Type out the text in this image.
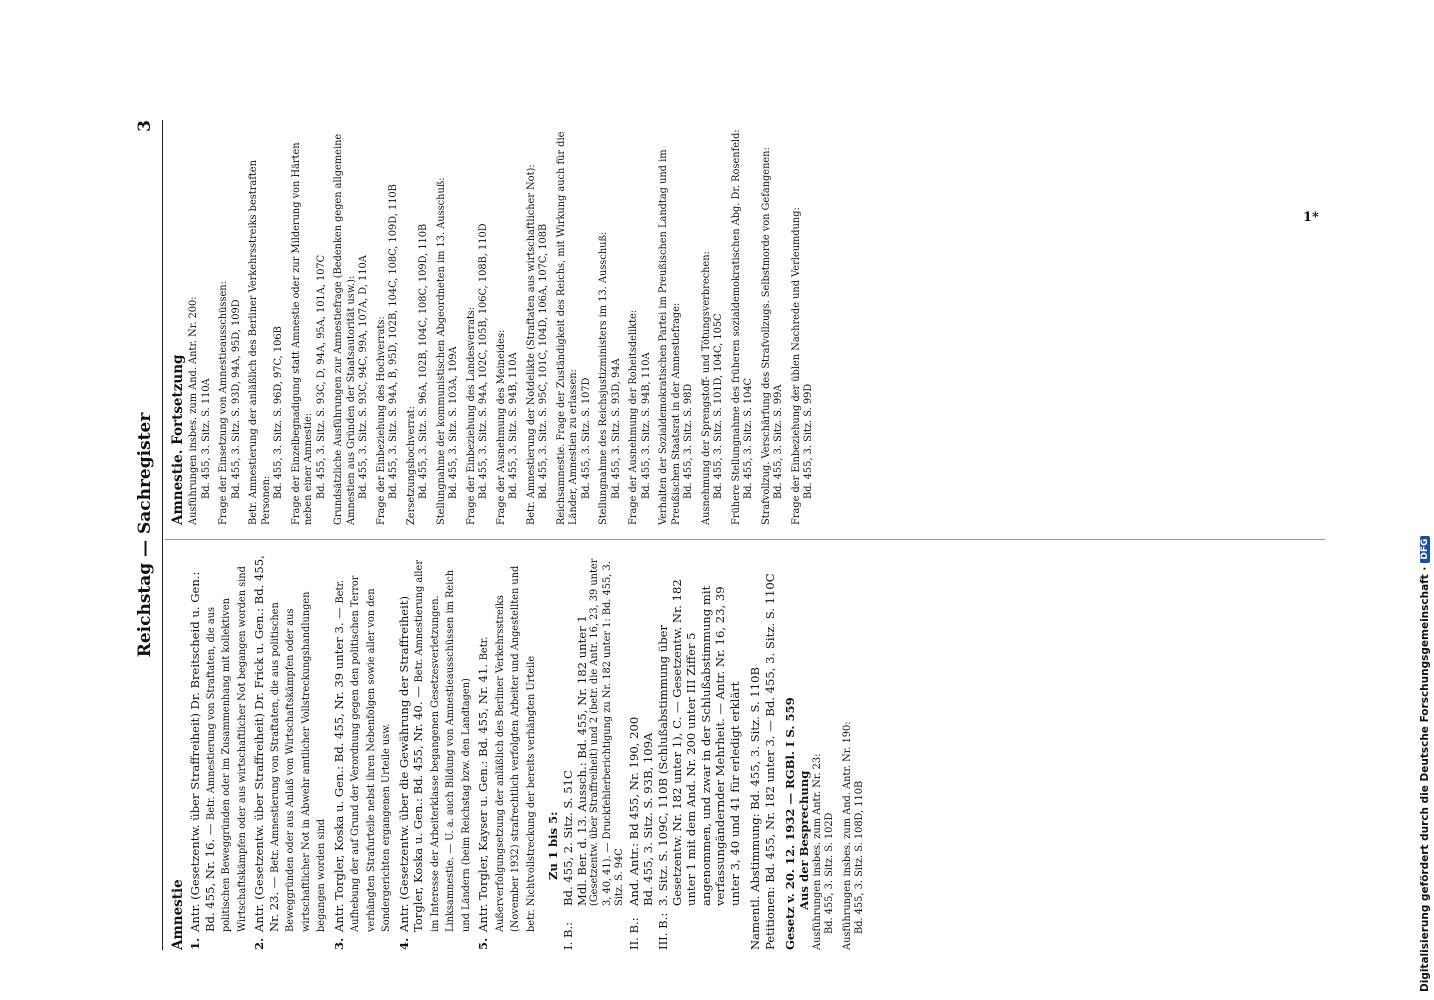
Reichstag — Sachregister
3
Amnestie 1.
Antr. (Gesetzentw. über Straffreiheit) Dr. Breitscheid u. Gen.: Bd. 455, Nr. 16. — Betr. Amnestierung von Straftaten, die aus politischen Beweggründen oder im Zusammenhang mit kollektiven Wirtschaftskämpfen oder aus wirtschaftlicher Not begangen worden sind
2.
Antr. (Gesetzentw. über Straffreiheit) Dr. Frick u. Gen.: Bd. 455, Nr. 23. — Betr. Amnestierung von Straftaten, die aus politischen Beweggründen oder aus Anlaß von Wirtschaftskämpfen oder aus wirtschaftlicher Not in Abwehr amtlicher Vollstreckungshandlungen begangen worden sind
3.
Antr. Torgler, Koska u. Gen.: Bd. 455, Nr. 39 unter 3. — Betr. Aufhebung der auf Grund der Verordnung gegen den politischen Terror verhängten Strafurteile nebst ihren Nebenfolgen sowie aller von den Sondergerichten ergangenen Urteile usw.
4.
Antr. (Gesetzentw. über die Gewährung der Straffreiheit) Torgler, Koska u. Gen.: Bd. 455, Nr. 40. — Betr. Amnestierung aller im Interesse der Arbeiterklasse begangenen Gesetzesverletzungen. Linksamnestie. — U. a. auch Bildung von Amnestieausschüssen im Reich und Ländern (beim Reichstag bzw. den Landtagen)
5.
Antr. Torgler, Kayser u. Gen.: Bd. 455, Nr. 41. Betr. Außerverfolgungsetzung der anläßlich des Berliner Verkehrsstreiks (November 1932) strafrechtlich verfolgten Arbeiter und Angestellten und betr. Nichtvollstreckung der bereits verhängten Urteile Zu 1 bis 5:
I. B.:
Bd. 455, 2. Sitz. S. 51C Mdl. Ber. d. 13. Aussch.: Bd. 455, Nr. 182 unter 1 (Gesetzentw. über Straffreiheit) und 2 (betr. die Antr. 16, 23, 39 unter 3, 40, 41). — Druckfehlerberichtigung zu Nr. 182 unter 1: Bd. 455, 3. Sitz. S. 94C
II. B.:
And. Antr.: Bd 455, Nr. 190, 200 Bd. 455, 3. Sitz. S. 93B, 109A
III. B.:
3. Sitz. S. 109C, 110B (Schlußabstimmung über Gesetzentw. Nr. 182 unter 1), C. — Gesetzentw. Nr. 182 unter 1 mit dem And. Nr. 200 unter III Ziffer 5 angenommen, und zwar in der Schlußabstimmung mit verfassungändernder Mehrheit. — Antr. Nr. 16, 23, 39 unter 3, 40 und 41 für erledigt erklärt Namentl. Abstimmung: Bd. 455, 3. Sitz. S. 110B Petitionen: Bd. 455, Nr. 182 unter 3. — Bd. 455, 3. Sitz. S. 110C Gesetz v. 20. 12. 1932 — RGBl. I S. 559 Aus der Besprechung Ausführungen insbes. zum Antr. Nr. 23: Bd. 455, 3. Sitz. S. 102D Ausführungen insbes. zum And. Antr. Nr. 190: Bd. 455, 3. Sitz. S. 108D, 110B
Amnestie. Fortsetzung Ausführungen insbes. zum And. Antr. Nr. 200: Bd. 455, 3. Sitz. S. 110A Frage der Einsetzung von Amnestieausschüssen: Bd. 455, 3. Sitz. S. 93D, 94A, 95D, 109D Betr. Amnestierung der anläßlich des Berliner Verkehrsstreiks bestraften Personen:
Bd. 455, 3. Sitz. S. 96D, 97C, 106B Frage der Einzelbegnadigung statt Amnestie oder zur Milderung von Härten neben einer Amnestie: Bd. 455, 3. Sitz. S. 93C, D, 94A, 95A, 101A, 107C Grundsätzliche Ausführungen zur Amnestiefrage (Bedenken gegen allgemeine Amnestien aus Gründen der Staatsautorität usw.): Bd. 455, 3. Sitz. S. 93C, 94C, 99A, 107A, D, 110A Frage der Einbeziehung des Hochverrats: Bd. 455, 3. Sitz. S. 94A, B, 95D, 102B, 104C, 108C, 109D, 110B Zersetzungshochverrat: Bd. 455, 3. Sitz. S. 96A, 102B, 104C, 108C, 109D, 110B Stellungnahme der kommunistischen Abgeordneten im 13. Ausschuß: Bd. 455, 3. Sitz. S. 103A, 109A Frage der Einbeziehung des Landesverrats: Bd. 455, 3. Sitz. S. 94A, 102C, 105B, 106C, 108B, 110D Frage der Ausnehmung des Meineides: Bd. 455, 3. Sitz. S. 94B, 110A Betr. Amnestierung der Notdelikte (Straftaten aus wirtschaftlicher Not): Bd. 455, 3. Sitz. S. 95C, 101C, 104D, 106A, 107C, 108B Reichsamnestie. Frage der Zuständigkeit des Reichs, mit Wirkung auch für die Länder, Amnestien zu erlassen: Bd. 455, 3. Sitz. S. 107D Stellungnahme des Reichsjustizministers im 13. Ausschuß: Bd. 455, 3. Sitz. S. 93D, 94A Frage der Ausnehmung der Roheitsdelikte: Bd. 455, 3. Sitz. S. 94B, 110A Verhalten der Sozialdemokratischen Partei im Preußischen Landtag und im Preußischen Staatsrat in der Amnestiefrage: Bd. 455, 3. Sitz. S. 98D Ausnehmung der Sprengstoff- und Tötungsverbrechen: Bd. 455, 3. Sitz. S. 101D, 104C, 105C Frühere Stellungnahme des früheren sozialdemokratischen Abg. Dr. Rosenfeld: Bd. 455, 3. Sitz. S. 104C Strafvollzug. Verschärfung des Strafvollzugs. Selbstmorde von Gefangenen: Bd. 455, 3. Sitz. S. 99A Frage der Einbeziehung der üblen Nachrede und Verleumdung: Bd. 455, 3. Sitz. S. 99D
1*
Digitalisierung gefördert durch die Deutsche Forschungsgemeinschaft ·
DFG
